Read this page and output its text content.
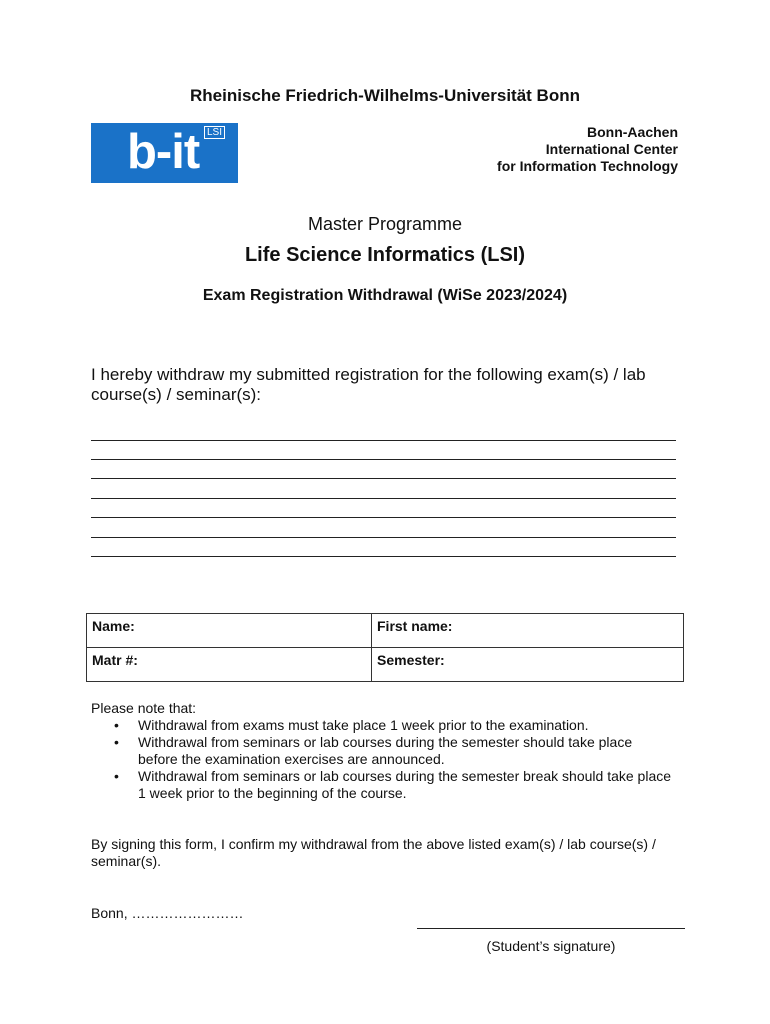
Rheinische Friedrich-Wilhelms-Universität Bonn
b-it LSI	Bonn-Aachen
International Center
for Information Technology
Master Programme
Life Science Informatics (LSI)
Exam Registration Withdrawal (WiSe 2023/2024)
I hereby withdraw my submitted registration for the following exam(s) / lab course(s) / seminar(s):
Name:	First name:
Matr #:	Semester:
Please note that:
• Withdrawal from exams must take place 1 week prior to the examination.
• Withdrawal from seminars or lab courses during the semester should take place before the examination exercises are announced.
• Withdrawal from seminars or lab courses during the semester break should take place 1 week prior to the beginning of the course.
By signing this form, I confirm my withdrawal from the above listed exam(s) / lab course(s) / seminar(s).
Bonn, ……………………
(Student’s signature)
